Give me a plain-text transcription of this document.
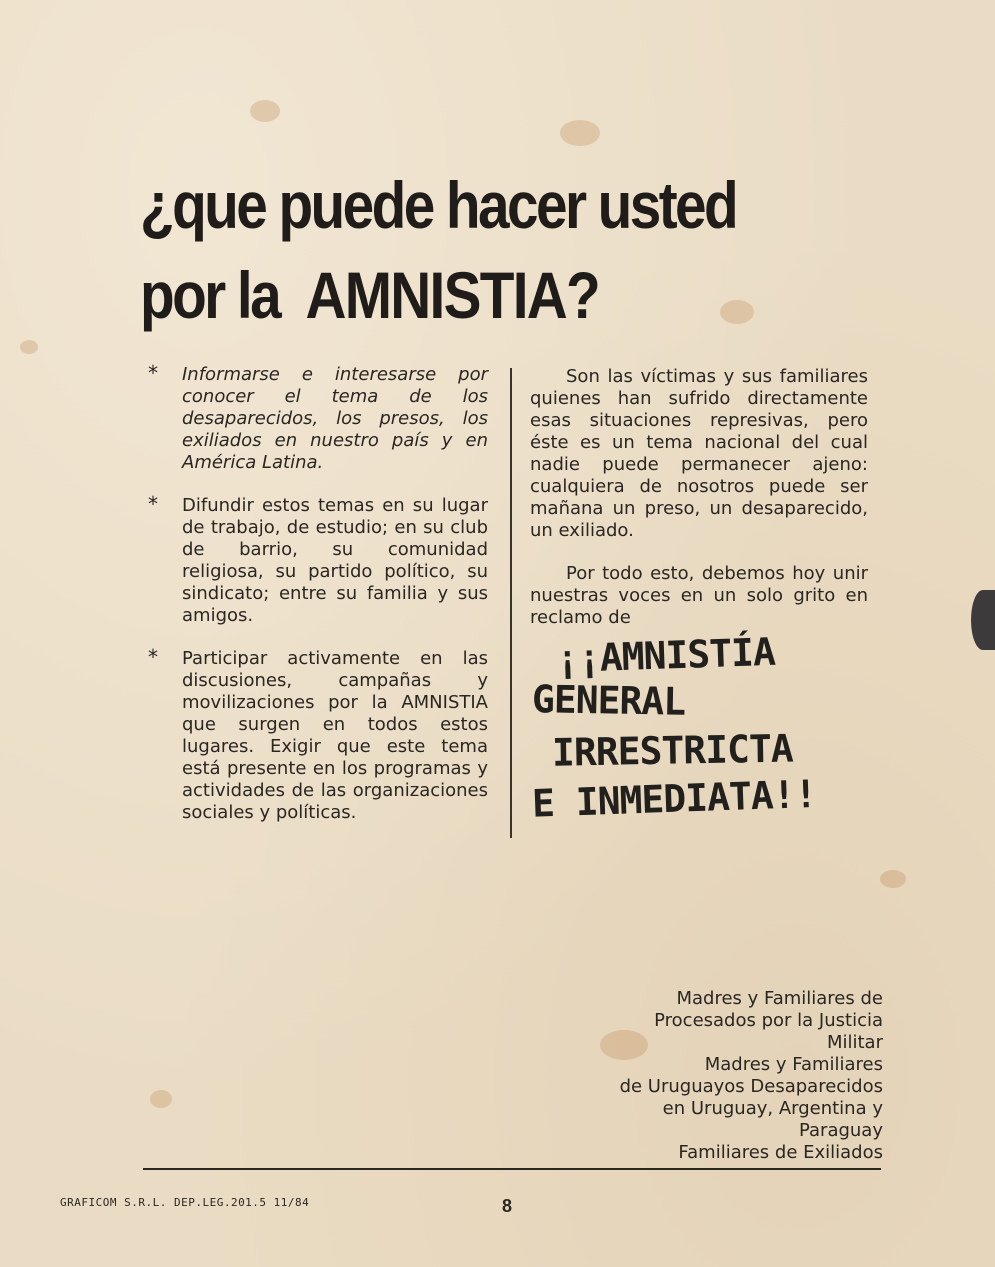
¿que puede hacer usted
por la AMNISTIA?
* Informarse e interesarse por conocer el tema de los desaparecidos, los presos, los exiliados en nuestro país y en América Latina.
* Difundir estos temas en su lugar de trabajo, de estudio; en su club de barrio, su comunidad religiosa, su partido político, su sindicato; entre su familia y sus amigos.
* Participar activamente en las discusiones, campañas y movilizaciones por la AMNISTIA que surgen en todos estos lugares. Exigir que este tema está presente en los programas y actividades de las organizaciones sociales y políticas.

Son las víctimas y sus familiares quienes han sufrido directamente esas situaciones represivas, pero éste es un tema nacional del cual nadie puede permanecer ajeno: cualquiera de nosotros puede ser mañana un preso, un desaparecido, un exiliado.

Por todo esto, debemos hoy unir nuestras voces en un solo grito en reclamo de

¡¡AMNISTÍA
GENERAL
IRRESTRICTA
E INMEDIATA!!
Madres y Familiares de
Procesados por la Justicia
Militar
Madres y Familiares
de Uruguayos Desaparecidos
en Uruguay, Argentina y
Paraguay
Familiares de Exiliados
GRAFICOM S.R.L. DEP.LEG.201.5 11/84	8
